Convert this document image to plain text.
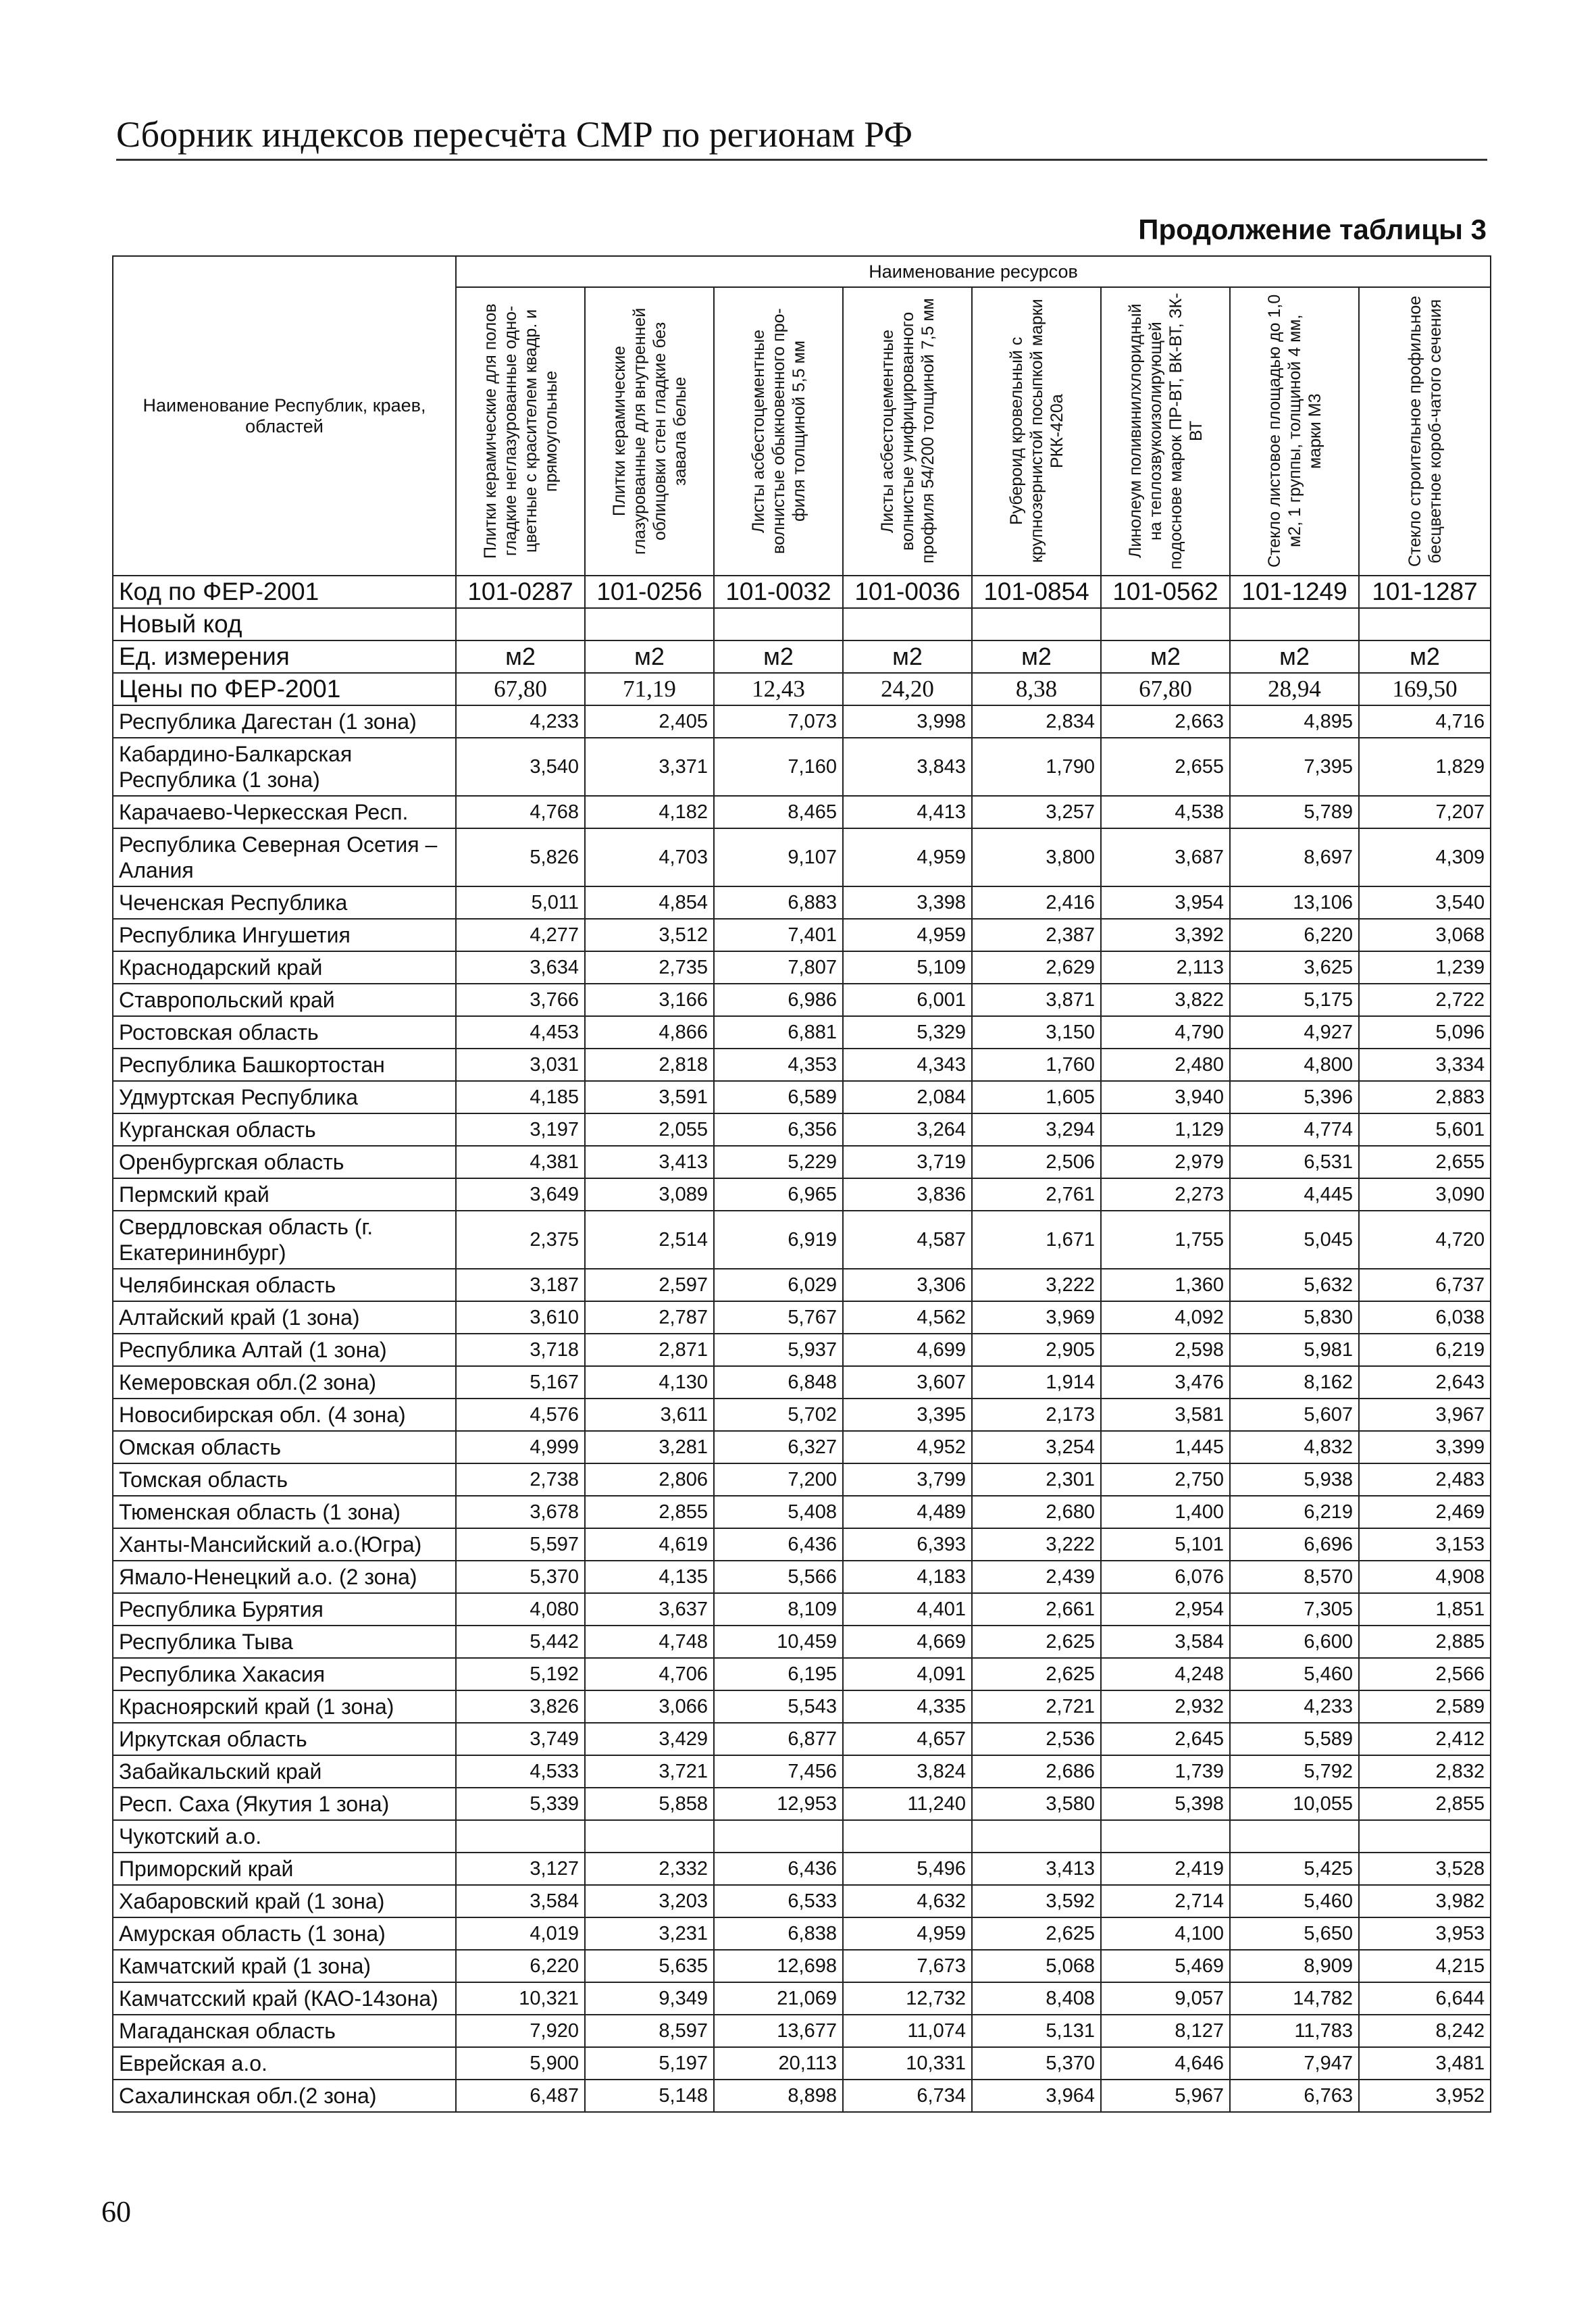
Сборник индексов пересчёта СМР по регионам РФ
Продолжение таблицы 3
Наименование Республик, краев, областей	Наименование ресурсов							

	Плитки керамические для полов гладкие неглазурованные одно-цветные с красителем квадр. и прямоугольные	Плитки керамические глазурованные для внутренней облицовки стен гладкие без завала белые	Листы асбестоцементные волнистые обыкновенного про-филя толщиной 5,5 мм	Листы асбестоцементные волнистые унифицированного профиля 54/200 толщиной 7,5 мм	Рубероид кровельный с крупнозернистой посыпкой марки РКК-420а	Линолеум поливинилхлоридный на теплозвукоизолирующей подоснове марок ПР-ВТ, ВК-ВТ, ЗК-ВТ	Стекло листовое площадью до 1,0 м2, 1 группы, толщиной 4 мм, марки М3	Стекло строительное профильное бесцветное короб-чатого сечения

Код по ФЕР-2001	101-0287	101-0256	101-0032	101-0036	101-0854	101-0562	101-1249	101-1287
Новый код								
Ед. измерения	м2	м2	м2	м2	м2	м2	м2	м2
Цены по ФЕР-2001	67,80	71,19	12,43	24,20	8,38	67,80	28,94	169,50
Республика Дагестан (1 зона)	4,233	2,405	7,073	3,998	2,834	2,663	4,895	4,716
Кабардино-Балкарская Республика (1 зона)	3,540	3,371	7,160	3,843	1,790	2,655	7,395	1,829
Карачаево-Черкесская Респ.	4,768	4,182	8,465	4,413	3,257	4,538	5,789	7,207
Республика Северная Осетия – Алания	5,826	4,703	9,107	4,959	3,800	3,687	8,697	4,309
Чеченская Республика	5,011	4,854	6,883	3,398	2,416	3,954	13,106	3,540
Республика Ингушетия	4,277	3,512	7,401	4,959	2,387	3,392	6,220	3,068
Краснодарский край	3,634	2,735	7,807	5,109	2,629	2,113	3,625	1,239
Ставропольский край	3,766	3,166	6,986	6,001	3,871	3,822	5,175	2,722
Ростовская область	4,453	4,866	6,881	5,329	3,150	4,790	4,927	5,096
Республика Башкортостан	3,031	2,818	4,353	4,343	1,760	2,480	4,800	3,334
Удмуртская Республика	4,185	3,591	6,589	2,084	1,605	3,940	5,396	2,883
Курганская область	3,197	2,055	6,356	3,264	3,294	1,129	4,774	5,601
Оренбургская область	4,381	3,413	5,229	3,719	2,506	2,979	6,531	2,655
Пермский край	3,649	3,089	6,965	3,836	2,761	2,273	4,445	3,090
Свердловская область (г. Екатерининбург)	2,375	2,514	6,919	4,587	1,671	1,755	5,045	4,720
Челябинская область	3,187	2,597	6,029	3,306	3,222	1,360	5,632	6,737
Алтайский край (1 зона)	3,610	2,787	5,767	4,562	3,969	4,092	5,830	6,038
Республика Алтай (1 зона)	3,718	2,871	5,937	4,699	2,905	2,598	5,981	6,219
Кемеровская обл.(2 зона)	5,167	4,130	6,848	3,607	1,914	3,476	8,162	2,643
Новосибирская обл. (4 зона)	4,576	3,611	5,702	3,395	2,173	3,581	5,607	3,967
Омская область	4,999	3,281	6,327	4,952	3,254	1,445	4,832	3,399
Томская область	2,738	2,806	7,200	3,799	2,301	2,750	5,938	2,483
Тюменская область (1 зона)	3,678	2,855	5,408	4,489	2,680	1,400	6,219	2,469
Ханты-Мансийский а.о.(Югра)	5,597	4,619	6,436	6,393	3,222	5,101	6,696	3,153
Ямало-Ненецкий а.о. (2 зона)	5,370	4,135	5,566	4,183	2,439	6,076	8,570	4,908
Республика Бурятия	4,080	3,637	8,109	4,401	2,661	2,954	7,305	1,851
Республика Тыва	5,442	4,748	10,459	4,669	2,625	3,584	6,600	2,885
Республика Хакасия	5,192	4,706	6,195	4,091	2,625	4,248	5,460	2,566
Красноярский край (1 зона)	3,826	3,066	5,543	4,335	2,721	2,932	4,233	2,589
Иркутская область	3,749	3,429	6,877	4,657	2,536	2,645	5,589	2,412
Забайкальский край	4,533	3,721	7,456	3,824	2,686	1,739	5,792	2,832
Респ. Саха (Якутия 1 зона)	5,339	5,858	12,953	11,240	3,580	5,398	10,055	2,855
Чукотский а.о.								
Приморский край	3,127	2,332	6,436	5,496	3,413	2,419	5,425	3,528
Хабаровский край (1 зона)	3,584	3,203	6,533	4,632	3,592	2,714	5,460	3,982
Амурская область (1 зона)	4,019	3,231	6,838	4,959	2,625	4,100	5,650	3,953
Камчатский край (1 зона)	6,220	5,635	12,698	7,673	5,068	5,469	8,909	4,215
Камчатсский край (КАО-14зона)	10,321	9,349	21,069	12,732	8,408	9,057	14,782	6,644
Магаданская область	7,920	8,597	13,677	11,074	5,131	8,127	11,783	8,242
Еврейская а.о.	5,900	5,197	20,113	10,331	5,370	4,646	7,947	3,481
Сахалинская обл.(2 зона)	6,487	5,148	8,898	6,734	3,964	5,967	6,763	3,952
60
